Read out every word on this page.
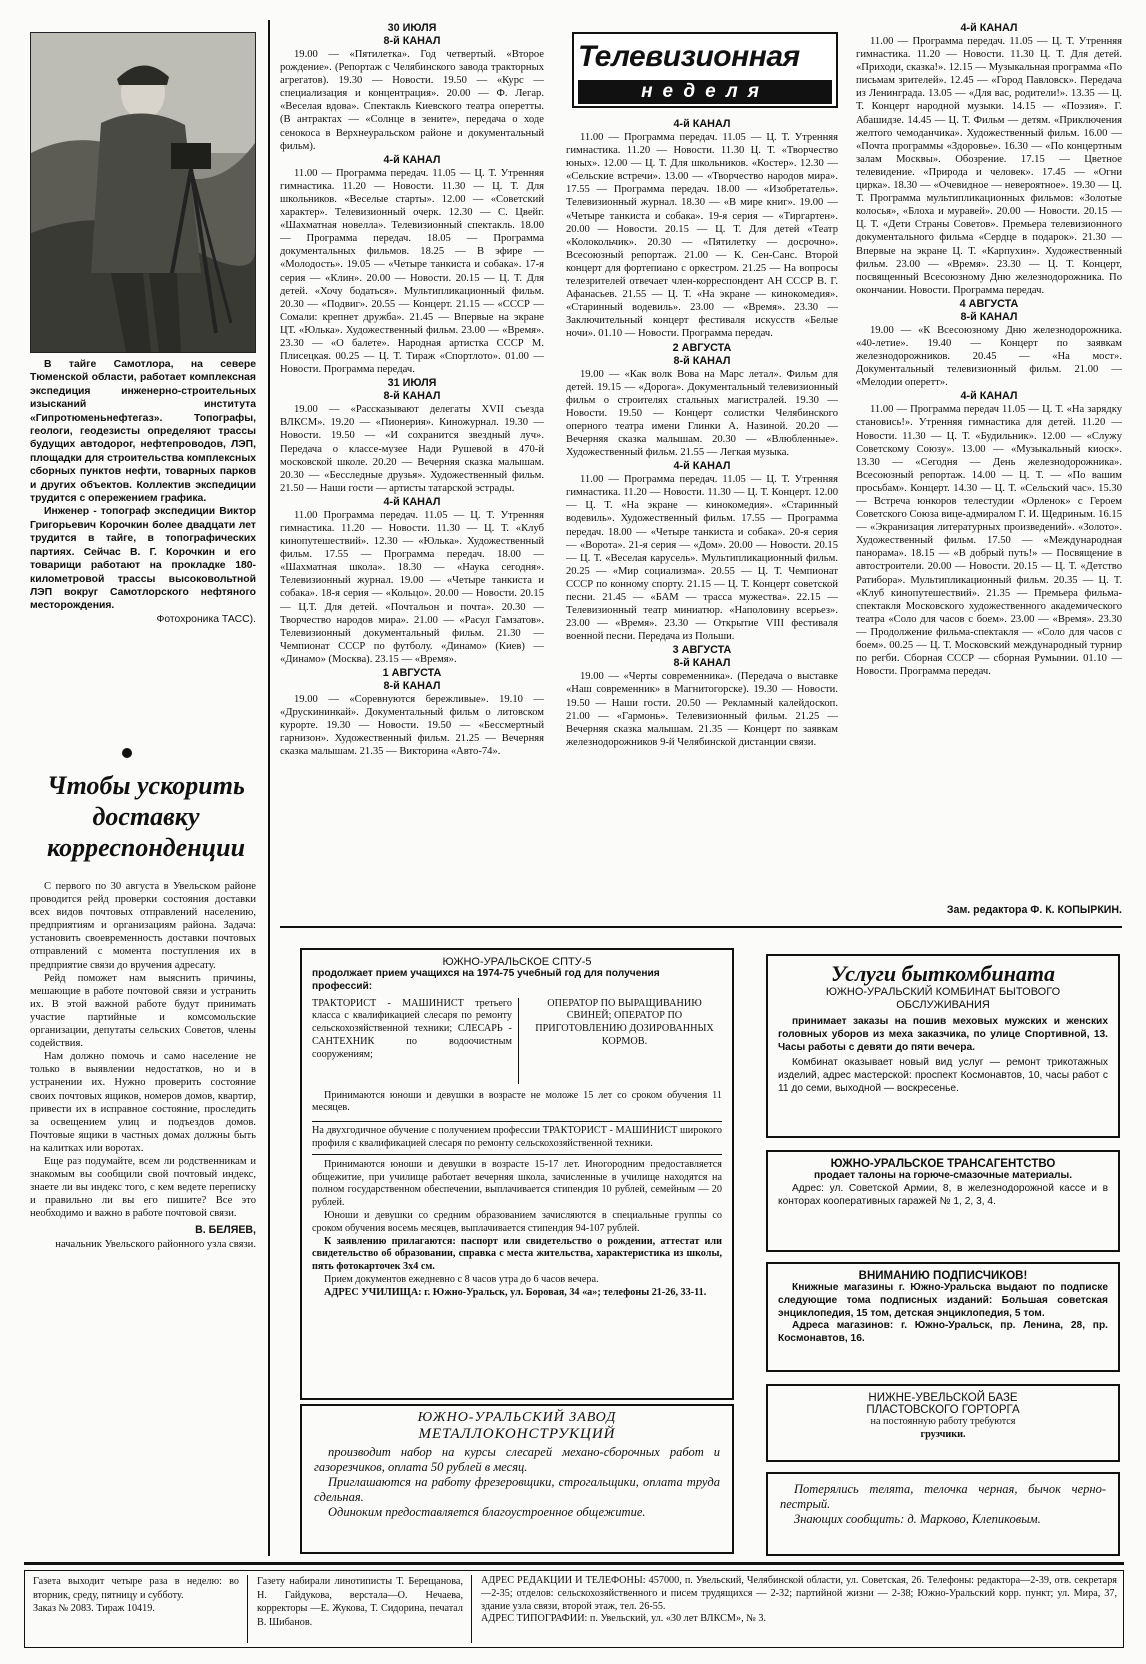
В тайге Самотлора, на севере Тюменской области, работает комплексная экспедиция инженерно-строительных изысканий института «Гипротюменьнефтегаз». Топографы, геологи, геодезисты определяют трассы будущих автодорог, нефтепроводов, ЛЭП, площадки для строительства комплексных сборных пунктов нефти, товарных парков и других объектов. Коллектив экспедиции трудится с опережением графика.

Инженер - топограф экспедиции Виктор Григорьевич Корочкин более двадцати лет трудится в тайге, в топографических партиях. Сейчас В. Г. Корочкин и его товарищи работают на прокладке 180-километровой трассы высоковольтной ЛЭП вокруг Самотлорского нефтяного месторождения.

Фотохроника ТАСС).
Чтобы ускорить доставку корреспонденции

С первого по 30 августа в Увельском районе проводится рейд проверки состояния доставки всех видов почтовых отправлений населению, предприятиям и организациям района. Задача: установить своевременность доставки почтовых отправлений с момента поступления их в предприятие связи до вручения адресату.

Рейд поможет нам выяснить причины, мешающие в работе почтовой связи и устранить их. В этой важной работе будут принимать участие партийные и комсомольские организации, депутаты сельских Советов, члены содействия.

Нам должно помочь и само население не только в выявлении недостатков, но и в устранении их. Нужно проверить состояние своих почтовых ящиков, номеров домов, квартир, привести их в исправное состояние, проследить за освещением улиц и подъездов домов. Почтовые ящики в частных домах должны быть на калитках или воротах.

Еще раз подумайте, всем ли родственникам и знакомым вы сообщили свой почтовый индекс, знаете ли вы индекс того, с кем ведете переписку и правильно ли вы его пишите? Все это необходимо и важно в работе почтовой связи.

В. БЕЛЯЕВ,
начальник Увельского районного узла связи.
30 ИЮЛЯ
8-й КАНАЛ
19.00 — «Пятилетка». Год четвертый. «Второе рождение». (Репортаж с Челябинского завода тракторных агрегатов). 19.30 — Новости. 19.50 — «Курс — специализация и концентрация». 20.00 — Ф. Легар. «Веселая вдова». Спектакль Киевского театра оперетты. (В антрактах — «Солнце в зените», передача о ходе сенокоса в Верхнеуральском районе и документальный фильм).
4-й КАНАЛ
11.00 — Программа передач. 11.05 — Ц. Т. Утренняя гимнастика. 11.20 — Новости. 11.30 — Ц. Т. Для школьников. «Веселые старты». 12.00 — «Советский характер». Телевизионный очерк. 12.30 — С. Цвейг. «Шахматная новелла». Телевизионный спектакль. 18.00 — Программа передач. 18.05 — Программа документальных фильмов. 18.25 — В эфире — «Молодость». 19.05 — «Четыре танкиста и собака». 17-я серия — «Клин». 20.00 — Новости. 20.15 — Ц. Т. Для детей. «Хочу бодаться». Мультипликационный фильм. 20.30 — «Подвиг». 20.55 — Концерт. 21.15 — «СССР — Сомали: крепнет дружба». 21.45 — Впервые на экране ЦТ. «Юлька». Художественный фильм. 23.00 — «Время». 23.30 — «О балете». Народная артистка СССР М. Плисецкая. 00.25 — Ц. Т. Тираж «Спортлото». 01.00 — Новости. Программа передач.
31 ИЮЛЯ
8-й КАНАЛ
19.00 — «Рассказывают делегаты XVII съезда ВЛКСМ». 19.20 — «Пионерия». Киножурнал. 19.30 — Новости. 19.50 — «И сохранится звездный луч». Передача о классе-музее Нади Рушевой в 470-й московской школе. 20.20 — Вечерняя сказка малышам. 20.30 — «Бесследные друзья». Художественный фильм. 21.50 — Наши гости — артисты татарской эстрады.
4-й КАНАЛ
11.00 Программа передач. 11.05 — Ц. Т. Утренняя гимнастика. 11.20 — Новости. 11.30 — Ц. Т. «Клуб кинопутешествий». 12.30 — «Юлька». Художественный фильм. 17.55 — Программа передач. 18.00 — «Шахматная школа». 18.30 — «Наука сегодня». Телевизионный журнал. 19.00 — «Четыре танкиста и собака». 18-я серия — «Кольцо». 20.00 — Новости. 20.15 — Ц.Т. Для детей. «Почтальон и почта». 20.30 — Творчество народов мира». 21.00 — «Расул Гамзатов». Телевизионный документальный фильм. 21.30 — Чемпионат СССР по футболу. «Динамо» (Киев) — «Динамо» (Москва). 23.15 — «Время».
1 АВГУСТА
8-й КАНАЛ
19.00 — «Соревнуются бережливые». 19.10 — «Друскининкай». Документальный фильм о литовском курорте. 19.30 — Новости. 19.50 — «Бессмертный гарнизон». Художественный фильм. 21.25 — Вечерняя сказка малышам. 21.35 — Викторина «Авто-74».
Телевизионная
неделя
4-й КАНАЛ
11.00 — Программа передач. 11.05 — Ц. Т. Утренняя гимнастика. 11.20 — Новости. 11.30 Ц. Т. «Творчество юных». 12.00 — Ц. Т. Для школьников. «Костер». 12.30 — «Сельские встречи». 13.00 — «Творчество народов мира». 17.55 — Программа передач. 18.00 — «Изобретатель». Телевизионный журнал. 18.30 — «В мире книг». 19.00 — «Четыре танкиста и собака». 19-я серия — «Тиргартен». 20.00 — Новости. 20.15 — Ц. Т. Для детей «Театр «Колокольчик». 20.30 — «Пятилетку — досрочно». Всесоюзный репортаж. 21.00 — К. Сен-Санс. Второй концерт для фортепиано с оркестром. 21.25 — На вопросы телезрителей отвечает член-корреспондент АН СССР В. Г. Афанасьев. 21.55 — Ц. Т. «На экране — кинокомедия». «Старинный водевиль». 23.00 — «Время». 23.30 — Заключительный концерт фестиваля искусств «Белые ночи». 01.10 — Новости. Программа передач.
2 АВГУСТА
8-й КАНАЛ
19.00 — «Как волк Вова на Марс летал». Фильм для детей. 19.15 — «Дорога». Документальный телевизионный фильм о строителях стальных магистралей. 19.30 — Новости. 19.50 — Концерт солистки Челябинского оперного театра имени Глинки А. Назиной. 20.20 — Вечерняя сказка малышам. 20.30 — «Влюбленные». Художественный фильм. 21.55 — Легкая музыка.
4-й КАНАЛ
11.00 — Программа передач. 11.05 — Ц. Т. Утренняя гимнастика. 11.20 — Новости. 11.30 — Ц. Т. Концерт. 12.00 — Ц. Т. «На экране — кинокомедия». «Старинный водевиль». Художественный фильм. 17.55 — Программа передач. 18.00 — «Четыре танкиста и собака». 20-я серия — «Ворота». 21-я серия — «Дом». 20.00 — Новости. 20.15 — Ц. Т. «Веселая карусель». Мультипликационный фильм. 20.25 — «Мир социализма». 20.55 — Ц. Т. Чемпионат СССР по конному спорту. 21.15 — Ц. Т. Концерт советской песни. 21.45 — «БАМ — трасса мужества». 22.15 — Телевизионный театр миниатюр. «Наполовину всерьез». 23.00 — «Время». 23.30 — Открытие VIII фестиваля военной песни. Передача из Польши.
3 АВГУСТА
8-й КАНАЛ
19.00 — «Черты современника». (Передача о выставке «Наш современник» в Магнитогорске). 19.30 — Новости. 19.50 — Наши гости. 20.50 — Рекламный калейдоскоп. 21.00 — «Гармонь». Телевизионный фильм. 21.25 — Вечерняя сказка малышам. 21.35 — Концерт по заявкам железнодорожников 9-й Челябинской дистанции связи.
4-й КАНАЛ
11.00 — Программа передач. 11.05 — Ц. Т. Утренняя гимнастика. 11.20 — Новости. 11.30 Ц. Т. Для детей. «Приходи, сказка!». 12.15 — Музыкальная программа «По письмам зрителей». 12.45 — «Город Павловск». Передача из Ленинграда. 13.05 — «Для вас, родители!». 13.35 — Ц. Т. Концерт народной музыки. 14.15 — «Поэзия». Г. Абашидзе. 14.45 — Ц. Т. Фильм — детям. «Приключения желтого чемоданчика». Художественный фильм. 16.00 — «Почта программы «Здоровье». 16.30 — «По концертным залам Москвы». Обозрение. 17.15 — Цветное телевидение. «Природа и человек». 17.45 — «Огни цирка». 18.30 — «Очевидное — невероятное». 19.30 — Ц. Т. Программа мультипликационных фильмов: «Золотые колосья», «Блоха и муравей». 20.00 — Новости. 20.15 — Ц. Т. «Дети Страны Советов». Премьера телевизионного документального фильма «Сердце в подарок». 21.30 — Впервые на экране Ц. Т. «Карпухин». Художественный фильм. 23.00 — «Время». 23.30 — Ц. Т. Концерт, посвященный Всесоюзному Дню железнодорожника. По окончании. Новости. Программа передач.
4 АВГУСТА
8-й КАНАЛ
19.00 — «К Всесоюзному Дню железнодорожника. «40-летие». 19.40 — Концерт по заявкам железнодорожников. 20.45 — «На мост». Документальный телевизионный фильм. 21.00 — «Мелодии оперетт».
4-й КАНАЛ
11.00 — Программа передач 11.05 — Ц. Т. «На зарядку становись!». Утренняя гимнастика для детей. 11.20 — Новости. 11.30 — Ц. Т. «Будильник». 12.00 — «Служу Советскому Союзу». 13.00 — «Музыкальный киоск». 13.30 — «Сегодня — День железнодорожника». Всесоюзный репортаж. 14.00 — Ц. Т. — «По вашим просьбам». Концерт. 14.30 — Ц. Т. «Сельский час». 15.30 — Встреча юнкоров телестудии «Орленок» с Героем Советского Союза вице-адмиралом Г. И. Щедриным. 16.15 — «Экранизация литературных произведений». «Золото». Художественный фильм. 17.50 — «Международная панорама». 18.15 — «В добрый путь!» — Посвящение в автостроители. 20.00 — Новости. 20.15 — Ц. Т. «Детство Ратибора». Мультипликационный фильм. 20.35 — Ц. Т. «Клуб кинопутешествий». 21.35 — Премьера фильма-спектакля Московского художественного академического театра «Соло для часов с боем». 23.00 — «Время». 23.30 — Продолжение фильма-спектакля — «Соло для часов с боем». 00.25 — Ц. Т. Московский международный турнир по регби. Сборная СССР — сборная Румынии. 01.10 — Новости. Программа передач.
Зам. редактора Ф. К. КОПЫРКИН.
ЮЖНО-УРАЛЬСКОЕ СПТУ-5
продолжает прием учащихся на 1974-75 учебный год для получения профессий:
ТРАКТОРИСТ - МАШИНИСТ третьего класса с квалификацией слесаря по ремонту сельскохозяйственной техники; СЛЕСАРЬ - САНТЕХНИК по водоочистным сооружениям;
ОПЕРАТОР ПО ВЫРАЩИВАНИЮ СВИНЕЙ; ОПЕРАТОР ПО ПРИГОТОВЛЕНИЮ ДОЗИРОВАННЫХ КОРМОВ.
Принимаются юноши и девушки в возрасте не моложе 15 лет со сроком обучения 11 месяцев.
На двухгодичное обучение с получением профессии ТРАКТОРИСТ - МАШИНИСТ широкого профиля с квалификацией слесаря по ремонту сельскохозяйственной техники.
Принимаются юноши и девушки в возрасте 15-17 лет. Иногородним предоставляется общежитие, при училище работает вечерняя школа, зачисленные в училище находятся на полном государственном обеспечении, выплачивается стипендия 10 рублей, семейным — 20 рублей.
Юноши и девушки со средним образованием зачисляются в специальные группы со сроком обучения восемь месяцев, выплачивается стипендия 94-107 рублей.
К заявлению прилагаются: паспорт или свидетельство о рождении, аттестат или свидетельство об образовании, справка с места жительства, характеристика из школы, пять фотокарточек 3х4 см.
Прием документов ежедневно с 8 часов утра до 6 часов вечера.
АДРЕС УЧИЛИЩА: г. Южно-Уральск, ул. Боровая, 34 «а»; телефоны 21-26, 33-11.
ЮЖНО-УРАЛЬСКИЙ ЗАВОД
МЕТАЛЛОКОНСТРУКЦИЙ
производит набор на курсы слесарей механо-сборочных работ и газорезчиков, оплата 50 рублей в месяц.
Приглашаются на работу фрезеровщики, строгальщики, оплата труда сдельная.
Одиноким предоставляется благоустроенное общежитие.
Услуги быткомбината
ЮЖНО-УРАЛЬСКИЙ КОМБИНАТ БЫТОВОГО ОБСЛУЖИВАНИЯ
принимает заказы на пошив меховых мужских и женских головных уборов из меха заказчика, по улице Спортивной, 13. Часы работы с девяти до пяти вечера.
Комбинат оказывает новый вид услуг — ремонт трикотажных изделий, адрес мастерской: проспект Космонавтов, 10, часы работ с 11 до семи, выходной — воскресенье.
ЮЖНО-УРАЛЬСКОЕ ТРАНСАГЕНТСТВО
продает талоны на горюче-смазочные материалы.
Адрес: ул. Советской Армии, 8, в железнодорожной кассе и в конторах кооперативных гаражей № 1, 2, 3, 4.
ВНИМАНИЮ ПОДПИСЧИКОВ!
Книжные магазины г. Южно-Уральска выдают по подписке следующие тома подписных изданий: Большая советская энциклопедия, 15 том, детская энциклопедия, 5 том.
Адреса магазинов: г. Южно-Уральск, пр. Ленина, 28, пр. Космонавтов, 16.
НИЖНЕ-УВЕЛЬСКОЙ БАЗЕ
ПЛАСТОВСКОГО ГОРТОРГА
на постоянную работу требуются
грузчики.
Потерялись телята, телочка черная, бычок черно-пестрый.
Знающих сообщить: д. Марково, Клепиковым.
Газета выходит четыре раза в неделю: во вторник, среду, пятницу и субботу.
Заказ № 2083. Тираж 10419.
Газету набирали линотиписты Т. Берещанова, Н. Гайдукова, верстала—О. Нечаева, корректоры —Е. Жукова, Т. Сидорина, печатал В. Шибанов.
АДРЕС РЕДАКЦИИ И ТЕЛЕФОНЫ: 457000, п. Увельский, Челябинской области, ул. Советская, 26. Телефоны: редактора—2-39, отв. секретаря —2-35; отделов: сельскохозяйственного и писем трудящихся — 2-32; партийной жизни — 2-38; Южно-Уральский корр. пункт; ул. Мира, 37, здание узла связи, второй этаж, тел. 26-55.
АДРЕС ТИПОГРАФИИ: п. Увельский, ул. «30 лет ВЛКСМ», № 3.
